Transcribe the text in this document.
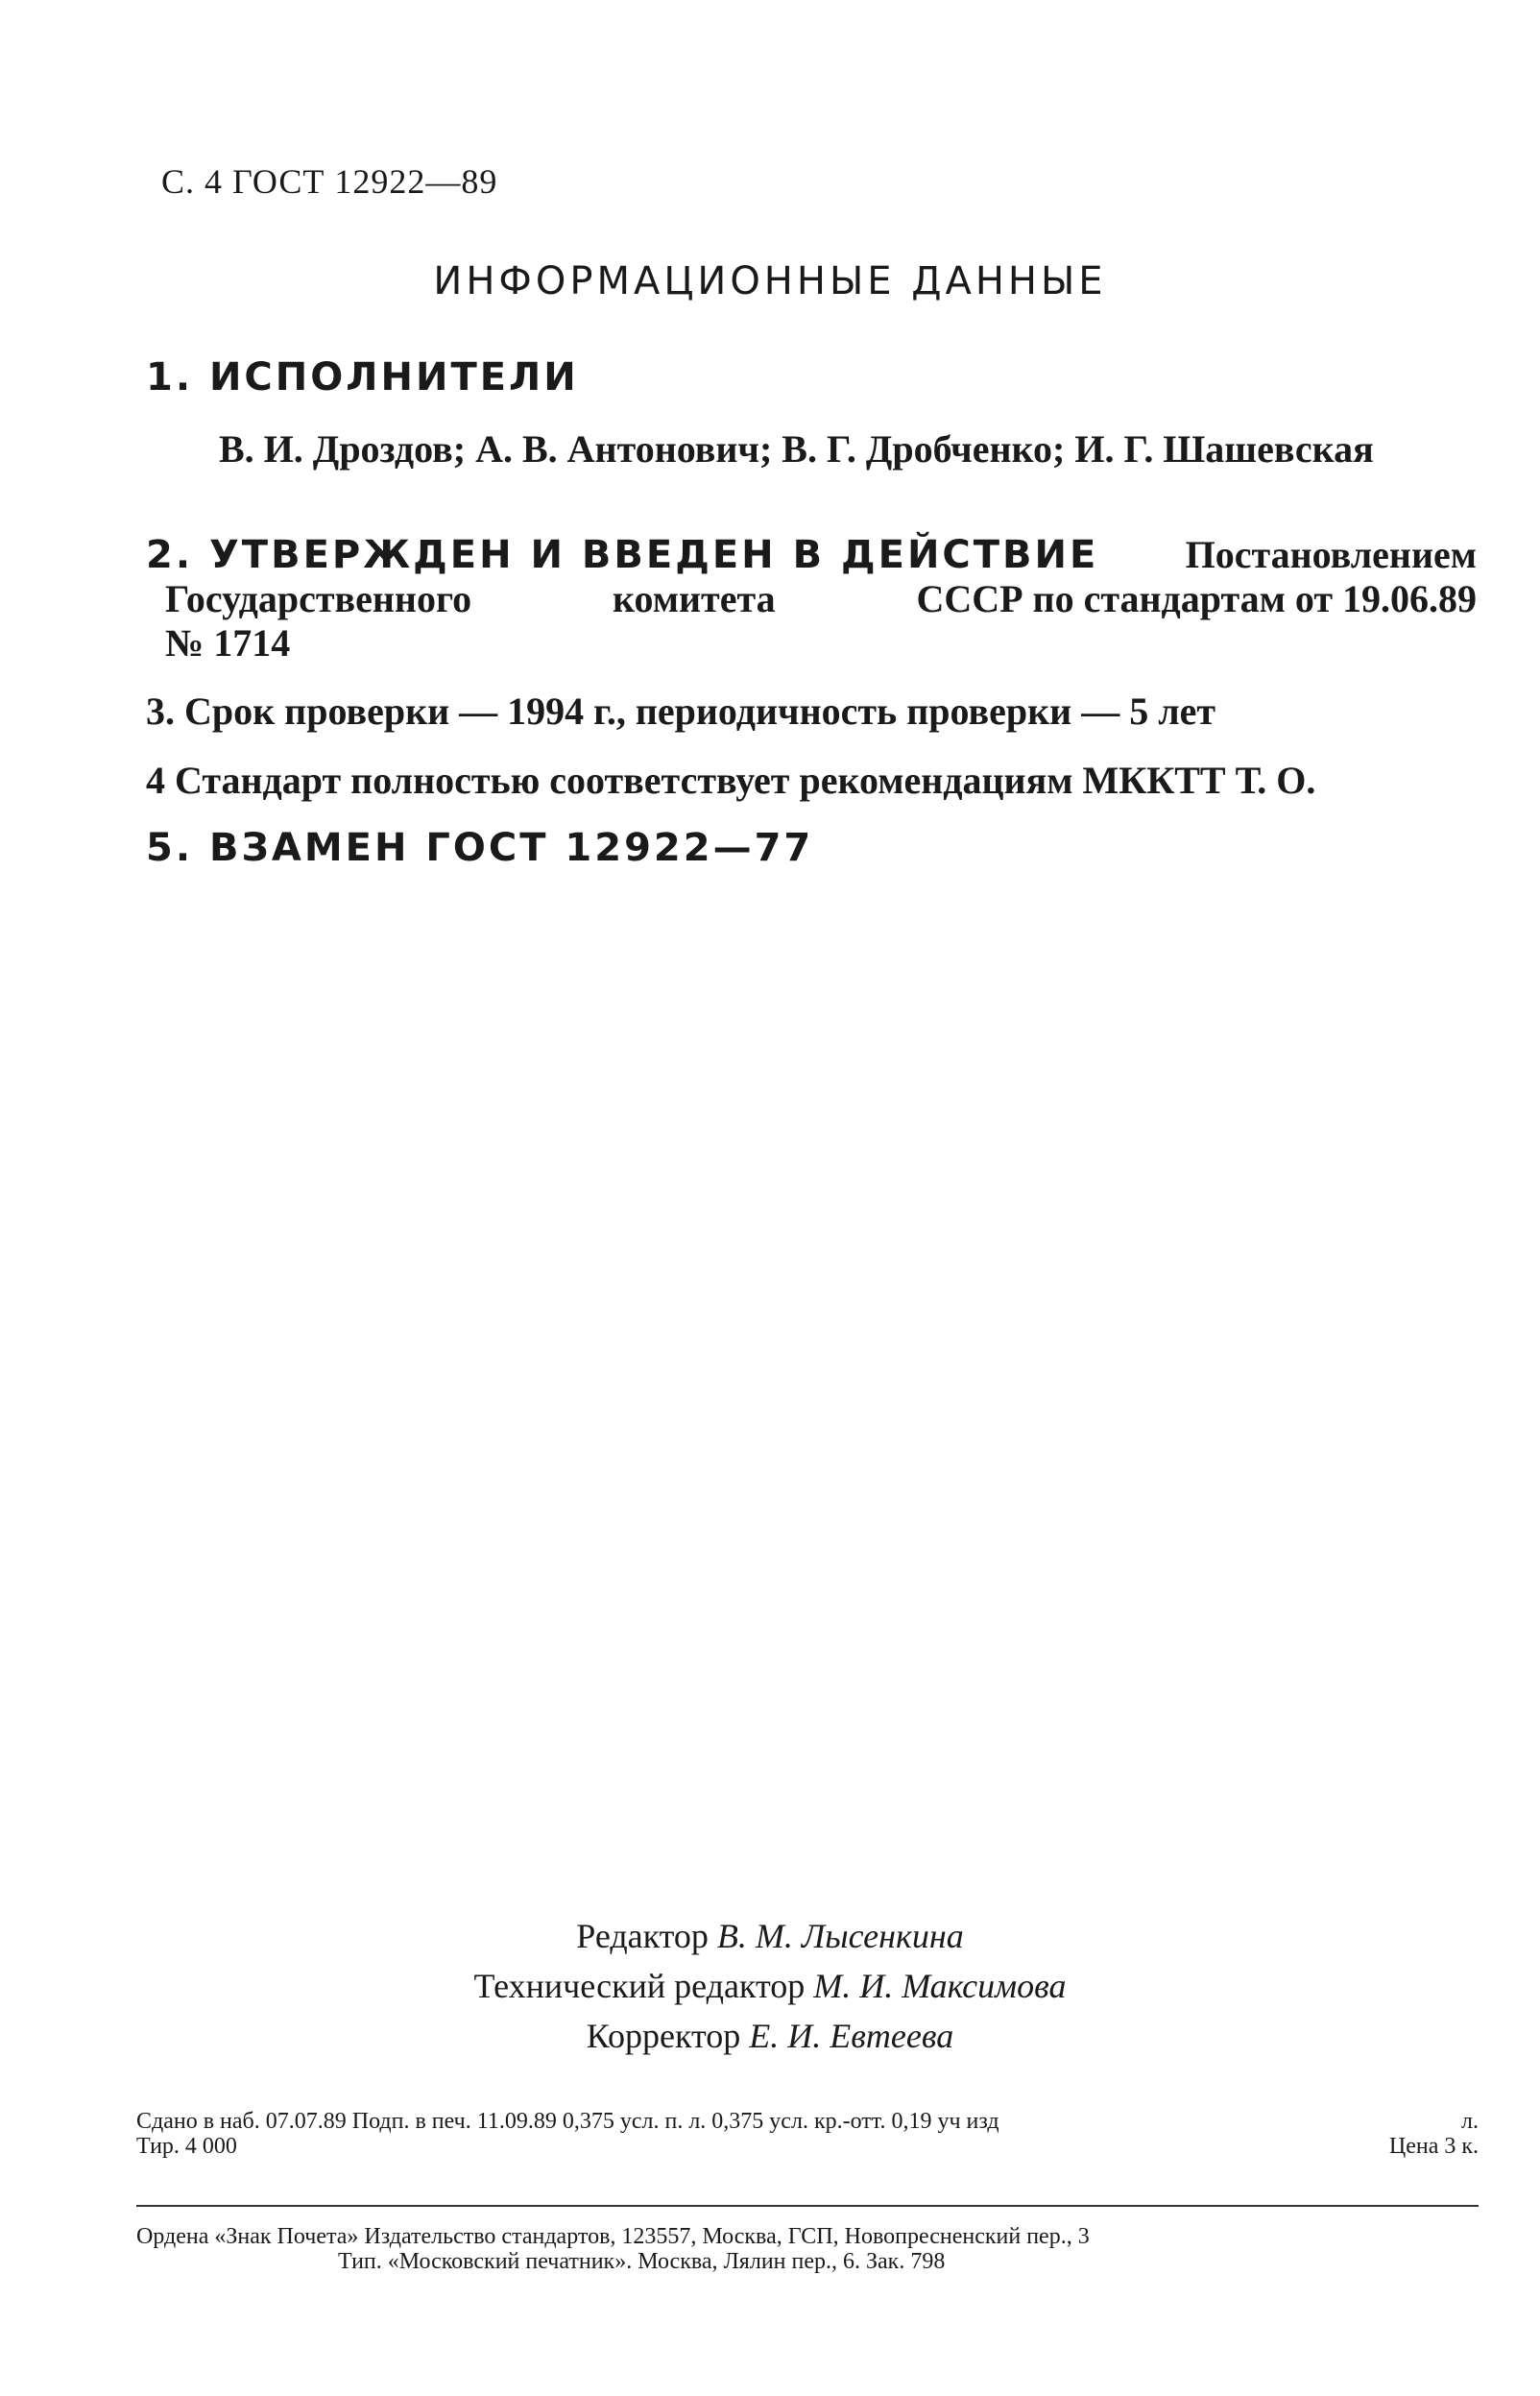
С. 4 ГОСТ 12922—89
ИНФОРМАЦИОННЫЕ ДАННЫЕ
1. ИСПОЛНИТЕЛИ
В. И. Дроздов; А. В. Антонович; В. Г. Дробченко; И. Г. Шашевская
2. УТВЕРЖДЕН И ВВЕДЕН В ДЕЙСТВИЕ Постановлением
Государственного	комитета	СССР по стандартам от 19.06.89
№ 1714
3. Срок проверки — 1994 г., периодичность проверки — 5 лет
4 Стандарт полностью соответствует рекомендациям МККТТ Т. О.
5. ВЗАМЕН ГОСТ 12922—77
Редактор В. М. Лысенкина
Технический редактор М. И. Максимова
Корректор Е. И. Евтеева
Сдано в наб. 07.07.89 Подп. в печ. 11.09.89 0,375 усл. п. л. 0,375 усл. кр.-отт. 0,19 уч изд	л.
Тир. 4 000	Цена 3 к.
Ордена «Знак Почета» Издательство стандартов, 123557, Москва, ГСП, Новопресненский пер., 3
Тип. «Московский печатник». Москва, Лялин пер., 6. Зак. 798
